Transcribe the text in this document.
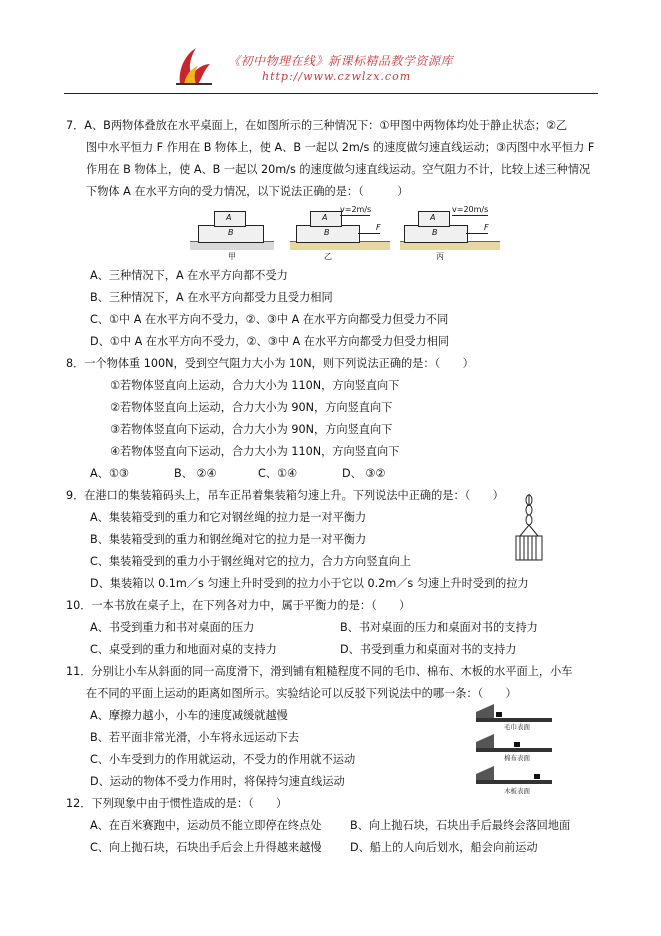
《初中物理在线》新课标精品教学资源库
http://www.czwlzx.com
7．A、B两物体叠放在水平桌面上，在如图所示的三种情况下：①甲图中两物体均处于静止状态；②乙
图中水平恒力 F 作用在 B 物体上，使 A、B 一起以 2m/s 的速度做匀速直线运动；③丙图中水平恒力 F
作用在 B 物体上，使 A、B 一起以 20m/s 的速度做匀速直线运动。空气阻力不计，比较上述三种情况
下物体 A 在水平方向的受力情况，以下说法正确的是：（　　　）
A
B
甲
A
B
v=2m/s
F
乙
A
B
v=20m/s
F
丙
A、三种情况下，A 在水平方向都不受力
B、三种情况下，A 在水平方向都受力且受力相同
C、①中 A 在水平方向不受力，②、③中 A 在水平方向都受力但受力不同
D、①中 A 在水平方向不受力，②、③中 A 在水平方向都受力但受力相同
8．一个物体重 100N，受到空气阻力大小为 10N，则下列说法正确的是：（　　）
①若物体竖直向上运动，合力大小为 110N，方向竖直向下
②若物体竖直向上运动，合力大小为 90N，方向竖直向下
③若物体竖直向下运动，合力大小为 90N，方向竖直向下
④若物体竖直向下运动，合力大小为 110N，方向竖直向下
A、①③	B、 ②④	C、①④	D、 ③②
9．在港口的集装箱码头上，吊车正吊着集装箱匀速上升。下列说法中正确的是：（　　）
A、集装箱受到的重力和它对钢丝绳的拉力是一对平衡力
B、集装箱受到的重力和钢丝绳对它的拉力是一对平衡力
C、集装箱受到的重力小于钢丝绳对它的拉力，合力方向竖直向上
D、集装箱以 0.1m／s 匀速上升时受到的拉力小于它以 0.2m／s 匀速上升时受到的拉力
10．一本书放在桌子上，在下列各对力中，属于平衡力的是：（　　）
A、书受到重力和书对桌面的压力	B、书对桌面的压力和桌面对书的支持力
C、桌受到的重力和地面对桌的支持力	D、书受到重力和桌面对书的支持力
11．分别让小车从斜面的同一高度滑下，滑到铺有粗糙程度不同的毛巾、棉布、木板的水平面上，小车
在不同的平面上运动的距离如图所示。实验结论可以反驳下列说法中的哪一条：（　　）
A、摩擦力越小，小车的速度减缓就越慢
B、若平面非常光滑，小车将永远运动下去
C、小车受到力的作用就运动，不受力的作用就不运动
D、运动的物体不受力作用时，将保持匀速直线运动
毛巾表面
棉布表面
木板表面
12．下列现象中由于惯性造成的是：（　　）
A、在百米赛跑中，运动员不能立即停在终点处	B、向上抛石块，石块出手后最终会落回地面
C、向上抛石块，石块出手后会上升得越来越慢	D、船上的人向后划水，船会向前运动
